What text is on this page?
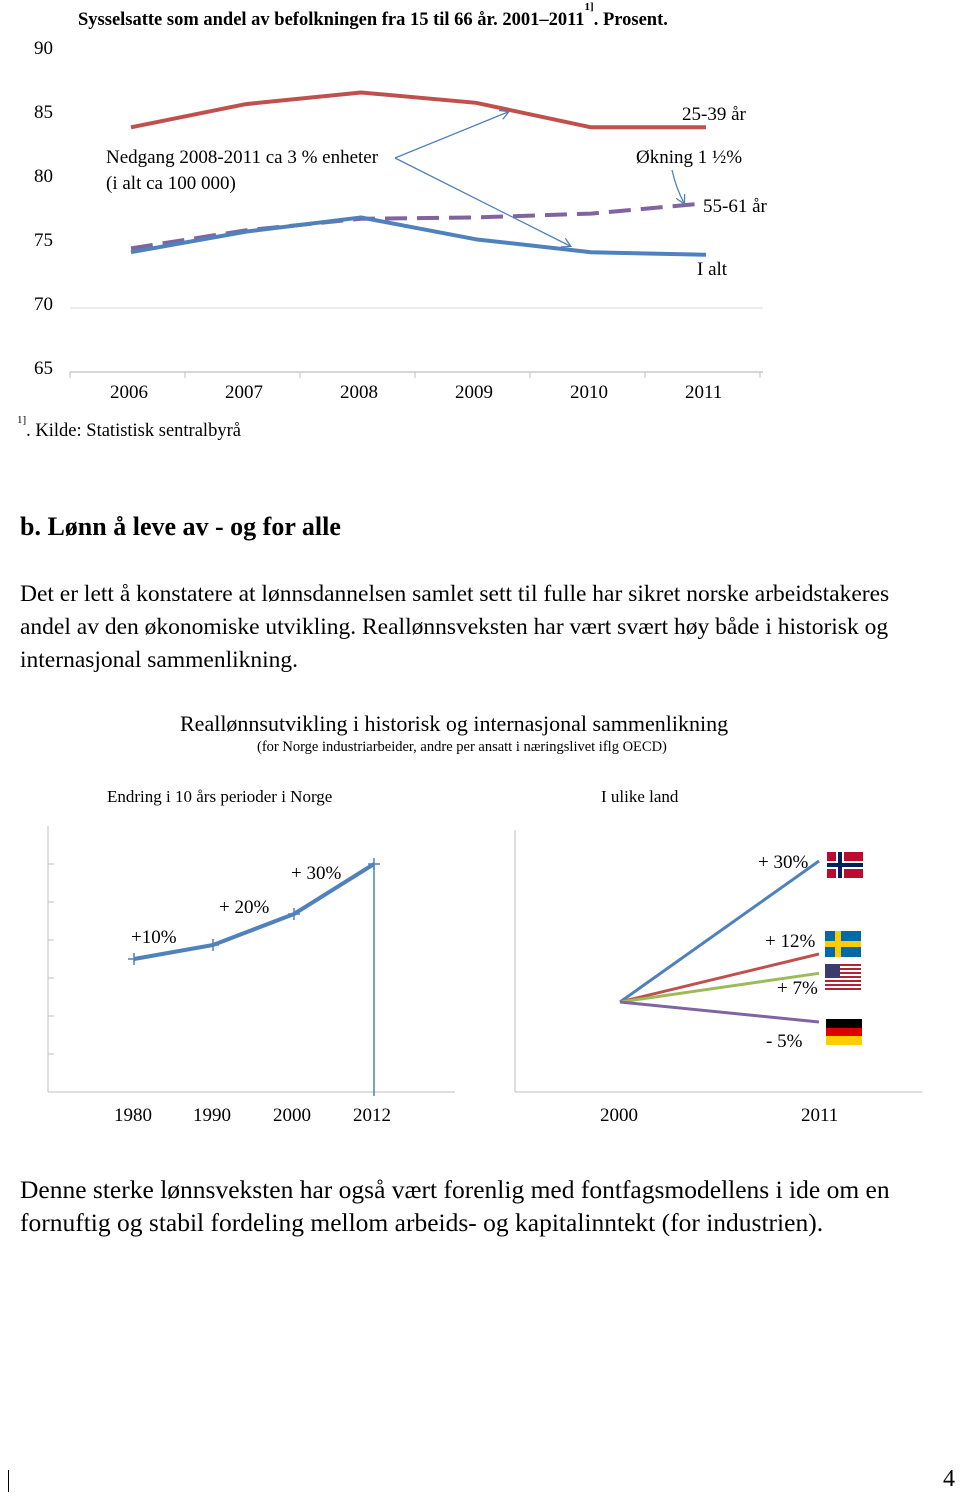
Sysselsatte som andel av befolkningen fra 15 til 66 år. $2001-2011^{1]}$. Prosent.
90
85
80
75
70
65
2006	2007	2008	2009	2010	2011
Nedgang 2008-2011 ca 3 % enheter
(i alt ca 100 000)
Økning 1 ½%
25-39 år
55-61 år
I alt
$^{1]}$. Kilde: Statistisk sentralbyrå
b. Lønn å leve av - og for alle
Det er lett å konstatere at lønnsdannelsen samlet sett til fulle har sikret norske arbeidstakeres andel av den økonomiske utvikling. Reallønnsveksten har vært svært høy både i historisk og internasjonal sammenlikning.
Reallønnsutvikling i historisk og internasjonal sammenlikning
(for Norge industriarbeider, andre per ansatt i næringslivet iflg OECD)
Endring i 10 års perioder i Norge	I ulike land
+10%
+ 20%
+ 30%
1980 1990 2000 2012	2000	2011
+ 30%
+ 12%
+ 7%
- 5%
Denne sterke lønnsveksten har også vært forenlig med fontfagsmodellens i ide om en fornuftig og stabil fordeling mellom arbeids- og kapitalinntekt (for industrien).
4
